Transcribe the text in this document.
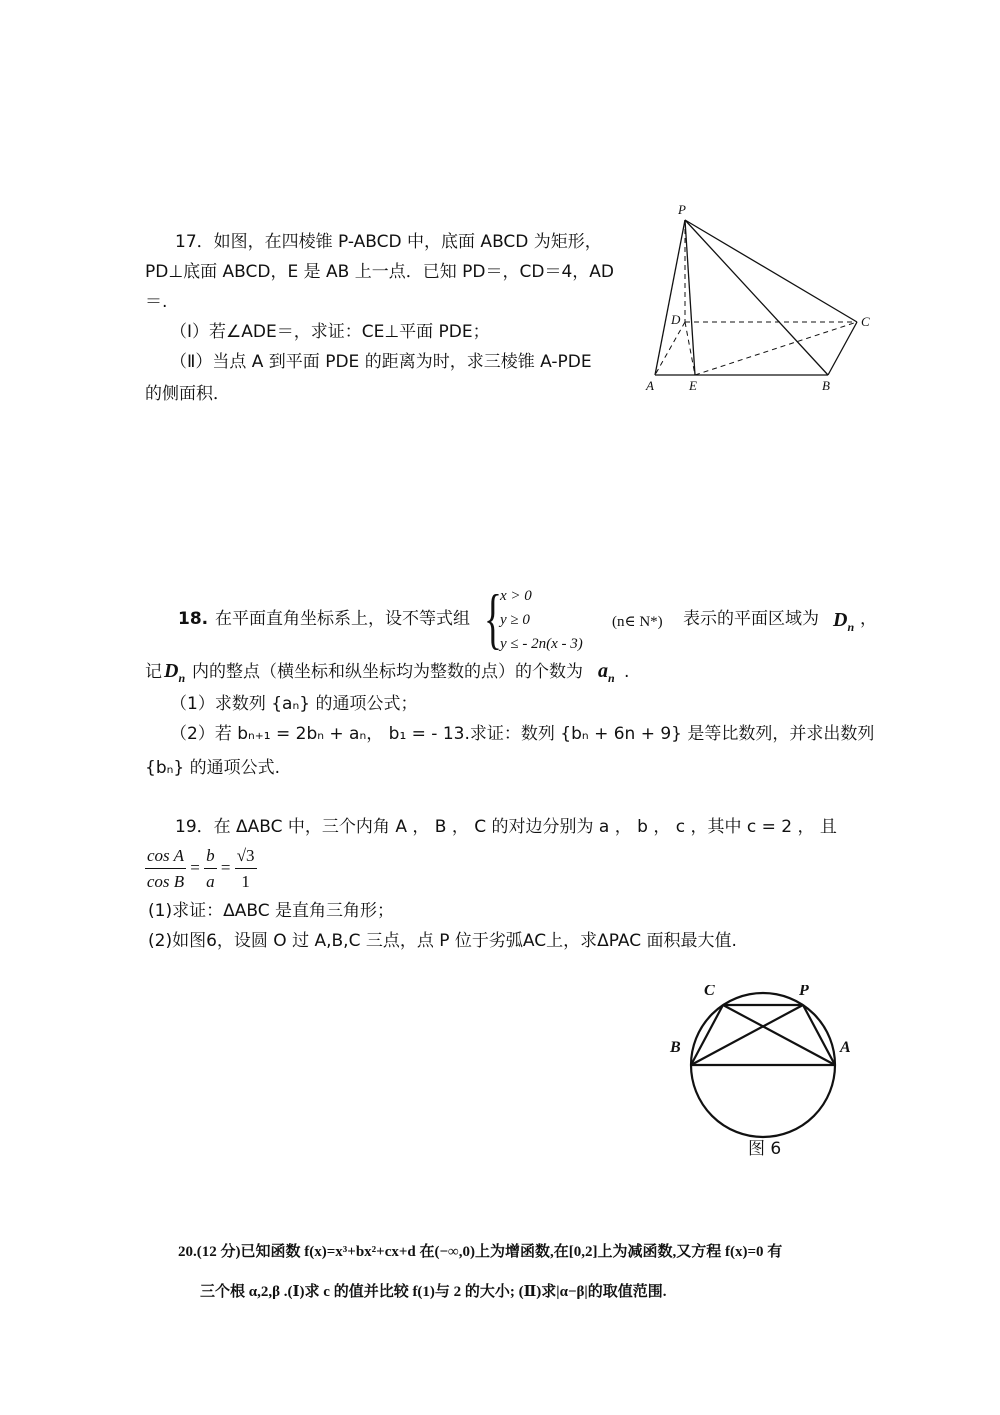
17．如图，在四棱锥 P-ABCD 中，底面 ABCD 为矩形，
PD⊥底面 ABCD，E 是 AB 上一点．已知 PD＝，CD＝4，AD
＝.
（Ⅰ）若∠ADE＝，求证：CE⊥平面 PDE；
（Ⅱ）当点 A 到平面 PDE 的距离为时，求三棱锥 A-PDE
的侧面积．
P
D	C
A	E	B
18. 在平面直角坐标系上，设不等式组 {
x > 0
y ≥ 0
y ≤ - 2n(x - 3)
(n∈ N*) 表示的平面区域为 $D_n$ ，
记 $D_n$ 内的整点（横坐标和纵坐标均为整数的点）的个数为 $a_n$ .
（1）求数列 {aₙ} 的通项公式；
（2）若 bₙ₊₁ = 2bₙ + aₙ， b₁ = - 13.求证：数列 {bₙ + 6n + 9} 是等比数列，并求出数列
{bₙ} 的通项公式.
19．在 ΔABC 中，三个内角 A ， B ， C 的对边分别为 a ， b ， c ，其中 c = 2 ， 且
$\frac{\text{cos A}}{\text{cos B}} = \frac{b}{a} = \frac{√3}{1}$
(1)求证：ΔABC 是直角三角形；
(2)如图6，设圆 O 过 A,B,C 三点，点 P 位于劣弧AC上，求ΔPAC 面积最大值.
C	P
B	A
图 6
20.(12 分)已知函数 f(x)=x³+bx²+cx+d 在(−∞,0)上为增函数,在[0,2]上为减函数,又方程 f(x)=0 有
三个根 α,2,β .(Ⅰ)求 c 的值并比较 f(1)与 2 的大小; (Ⅱ)求|α−β|的取值范围.
